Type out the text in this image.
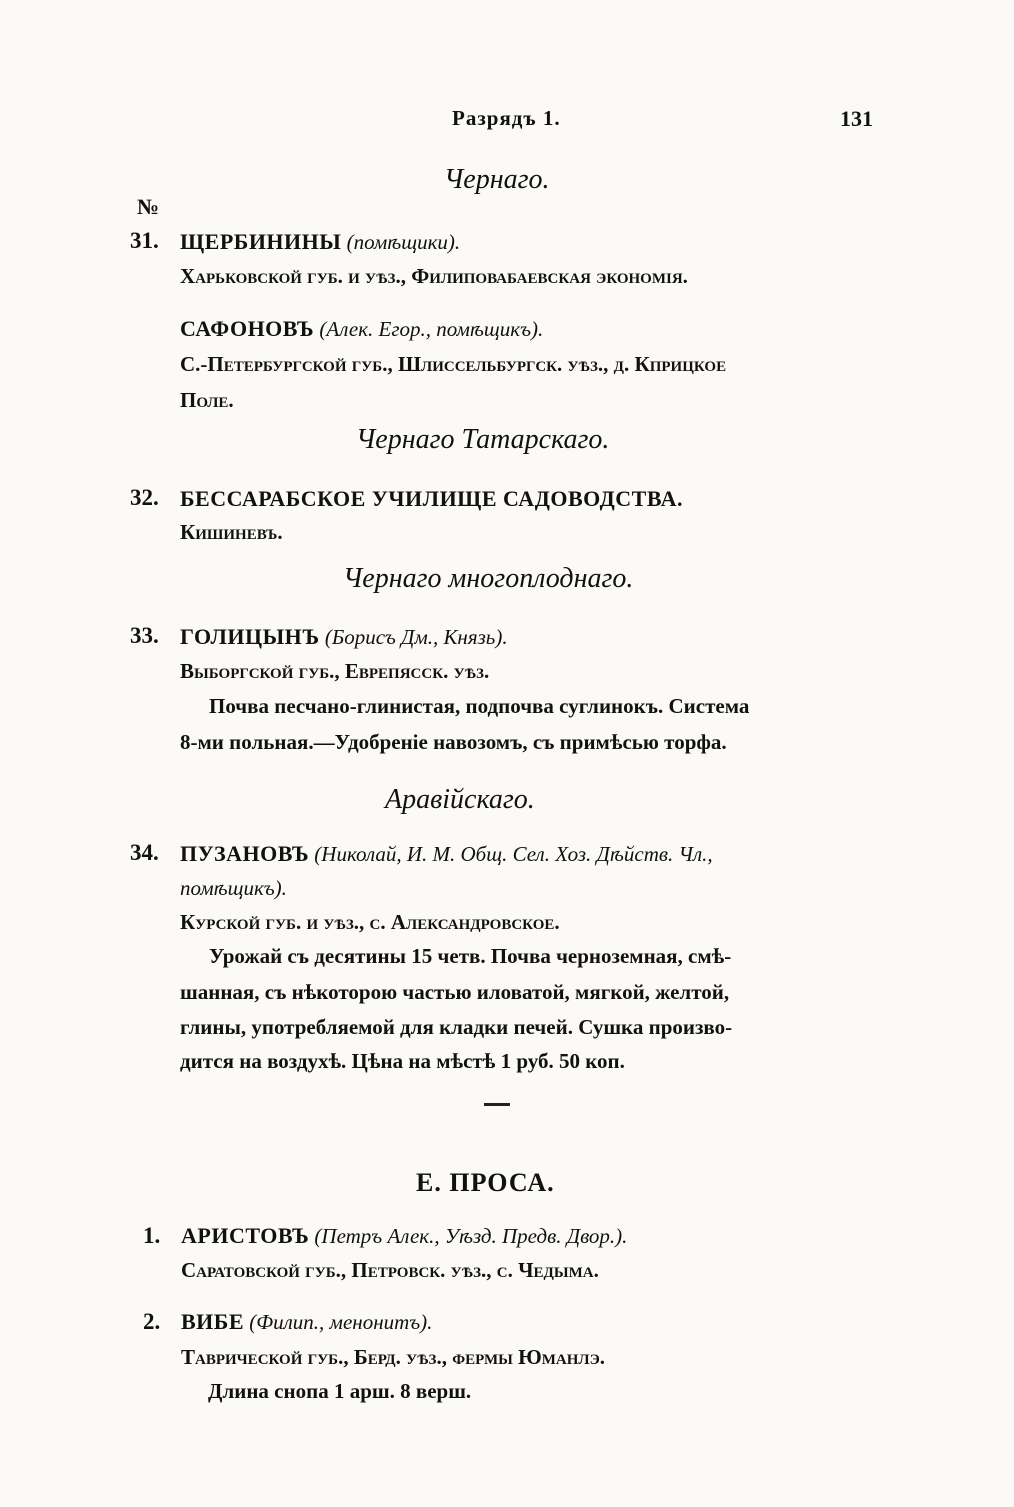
Разрядъ 1.	131
Чернаго.
№
31. ЩЕРБИНИНЫ (помѣщики).
Харьковской губ. и уѣз., Филиповабаевская экономія.
САФОНОВЪ (Алек. Егор., помѣщикъ).
С.-Петербургской губ., Шлиссельбургск. уѣз., д. Кприцкое
Поле.
Чернаго Татарскаго.
32. БЕССАРАБСКОЕ УЧИЛИЩЕ САДОВОДСТВА.
Кишиневъ.
Чернаго многоплоднаго.
33. ГОЛИЦЫНЪ (Борисъ Дм., Князь).
Выборгской губ., Еврепясск. уѣз.
Почва песчано-глинистая, подпочва суглинокъ. Система
8-ми польная.—Удобреніе навозомъ, съ примѣсью торфа.
Аравійскаго.
34. ПУЗАНОВЪ (Николай, И. М. Общ. Сел. Хоз. Дѣйств. Чл.,
помѣщикъ).
Курской губ. и уѣз., с. Александровское.
Урожай съ десятины 15 четв. Почва черноземная, смѣ-
шанная, съ нѣкоторою частью иловатой, мягкой, желтой,
глины, употребляемой для кладки печей. Сушка произво-
дится на воздухѣ. Цѣна на мѣстѣ 1 руб. 50 коп.
Е. ПРОСА.
1. АРИСТОВЪ (Петръ Алек., Уѣзд. Предв. Двор.).
Саратовской губ., Петровск. уѣз., с. Чедыма.
2. ВИБЕ (Филип., менонитъ).
Таврической губ., Берд. уѣз., фермы Юманлэ.
Длина снопа 1 арш. 8 верш.
